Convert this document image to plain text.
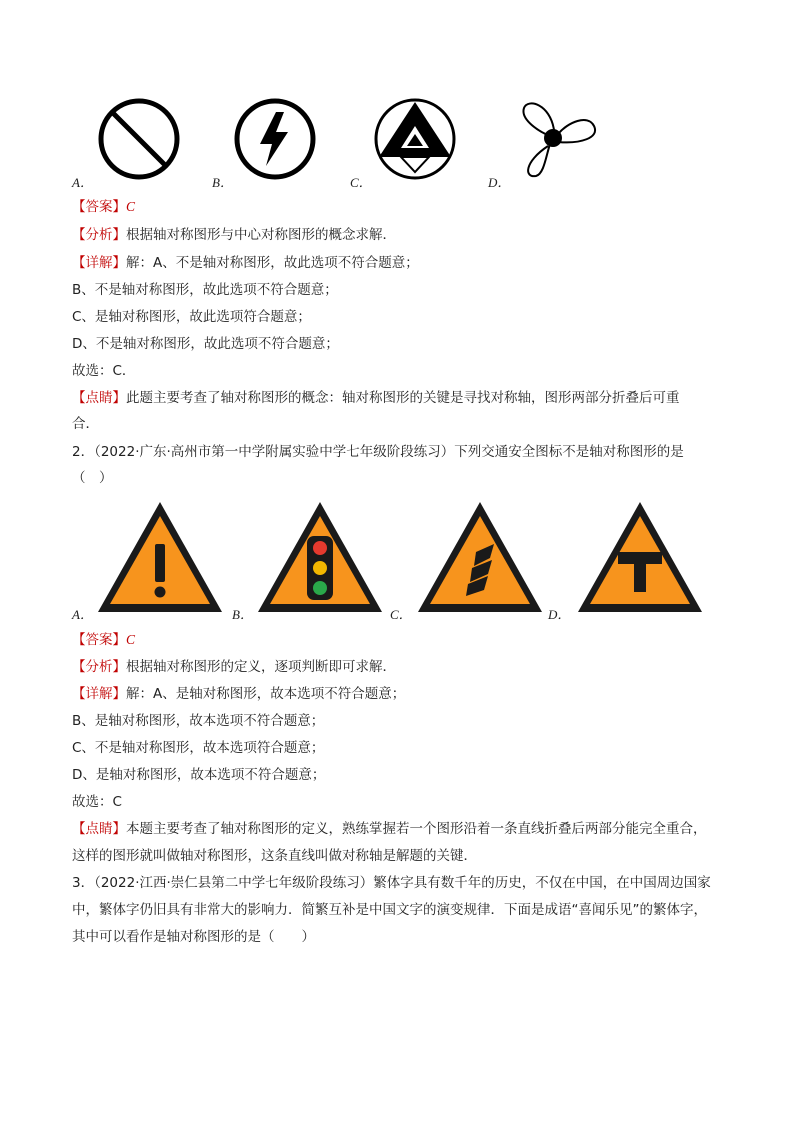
A．	B．	C．	D．
【答案】C
【分析】根据轴对称图形与中心对称图形的概念求解．
【详解】解：A、不是轴对称图形，故此选项不符合题意；
B、不是轴对称图形，故此选项不符合题意；
C、是轴对称图形，故此选项符合题意；
D、不是轴对称图形，故此选项不符合题意；
故选：C．
【点睛】此题主要考查了轴对称图形的概念：轴对称图形的关键是寻找对称轴，图形两部分折叠后可重
合．
2．（2022·广东·高州市第一中学附属实验中学七年级阶段练习）下列交通安全图标不是轴对称图形的是
（　）
A．	B．	C．	D．
【答案】C
【分析】根据轴对称图形的定义，逐项判断即可求解．
【详解】解：A、是轴对称图形，故本选项不符合题意；
B、是轴对称图形，故本选项不符合题意；
C、不是轴对称图形，故本选项符合题意；
D、是轴对称图形，故本选项不符合题意；
故选：C
【点睛】本题主要考查了轴对称图形的定义，熟练掌握若一个图形沿着一条直线折叠后两部分能完全重合，
这样的图形就叫做轴对称图形，这条直线叫做对称轴是解题的关键．
3．（2022·江西·崇仁县第二中学七年级阶段练习）繁体字具有数千年的历史，不仅在中国，在中国周边国家
中，繁体字仍旧具有非常大的影响力．简繁互补是中国文字的演变规律．下面是成语“喜闻乐见”的繁体字，
其中可以看作是轴对称图形的是（　　）
